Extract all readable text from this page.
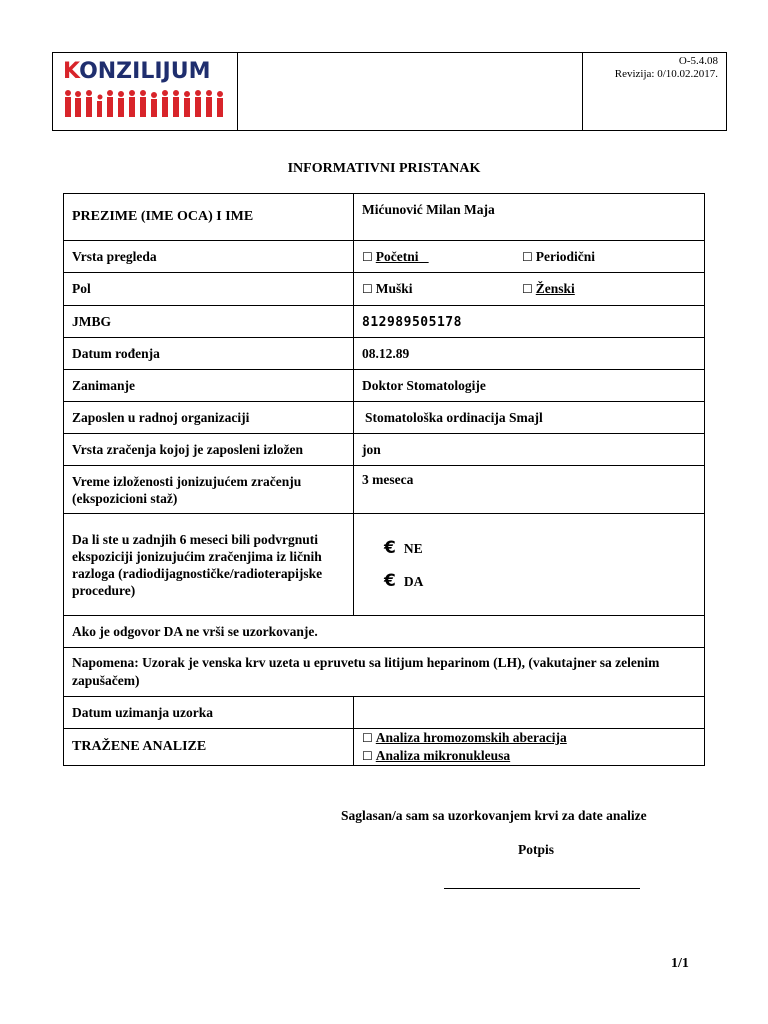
KONZILIJUM	O-5.4.08
Revizija: 0/10.02.2017.
INFORMATIVNI PRISTANAK
PREZIME (IME OCA) I IME	Mićunović Milan Maja
Vrsta pregleda	☐ Početni ☐ Periodični

Pol	☐ Muški ☐ Ženski

JMBG	812989505178
Datum rođenja	08.12.89
Zanimanje	Doktor Stomatologije
Zaposlen u radnoj organizaciji	Stomatološka ordinacija Smajl
Vrsta zračenja kojoj je zaposleni izložen	jon
Vreme izloženosti jonizujućem zračenju (ekspozicioni staž)	3 meseca
Da li ste u zadnjih 6 meseci bili podvrgnuti ekspoziciji jonizujućim zračenjima iz ličnih razloga (radiodijagnostičke/radioterapijske procedure)	€ NE
€ DA

Ako je odgovor DA ne vrši se uzorkovanje.	
Napomena: Uzorak je venska krv uzeta u epruvetu sa litijum heparinom (LH), (vakutajner sa zelenim zapušačem)	
Datum uzimanja uzorka	
TRAŽENE ANALIZE	☐ Analiza hromozomskih aberacija
☐ Analiza mikronukleusa
Saglasan/a sam sa uzorkovanjem krvi za date analize
Potpis
1/1
